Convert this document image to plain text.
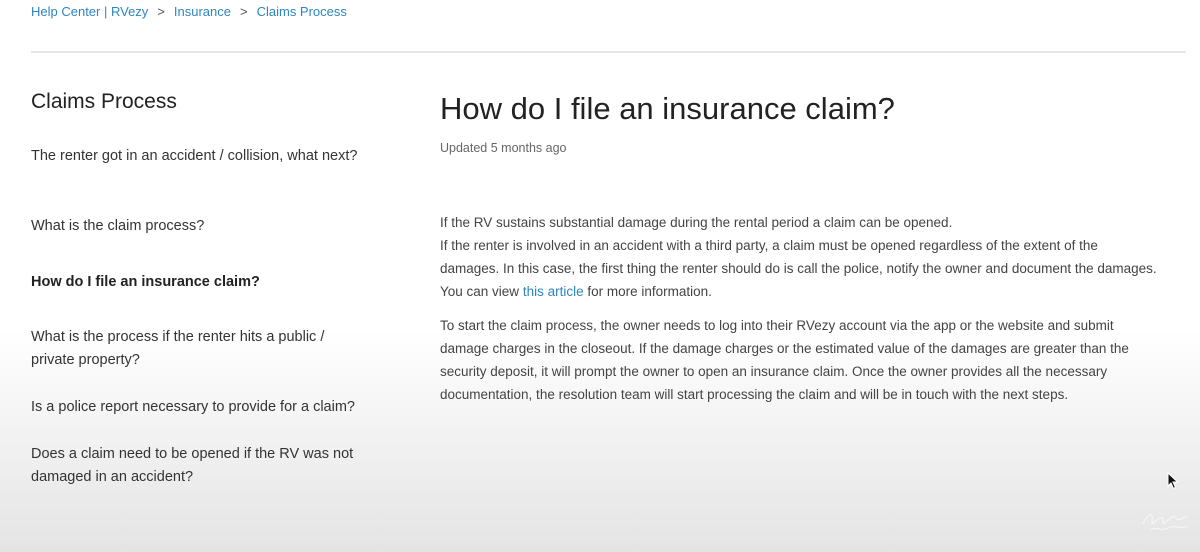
Help Center | RVezy > Insurance > Claims Process
Claims Process
The renter got in an accident / collision, what next?
What is the claim process?
How do I file an insurance claim?
What is the process if the renter hits a public / private property?
Is a police report necessary to provide for a claim?
Does a claim need to be opened if the RV was not damaged in an accident?
How do I file an insurance claim?
Updated 5 months ago

If the RV sustains substantial damage during the rental period a claim can be opened.
If the renter is involved in an accident with a third party, a claim must be opened regardless of the extent of the damages. In this case, the first thing the renter should do is call the police, notify the owner and document the damages. You can view this article for more information.

To start the claim process, the owner needs to log into their RVezy account via the app or the website and submit damage charges in the closeout. If the damage charges or the estimated value of the damages are greater than the security deposit, it will prompt the owner to open an insurance claim. Once the owner provides all the necessary documentation, the resolution team will start processing the claim and will be in touch with the next steps.
